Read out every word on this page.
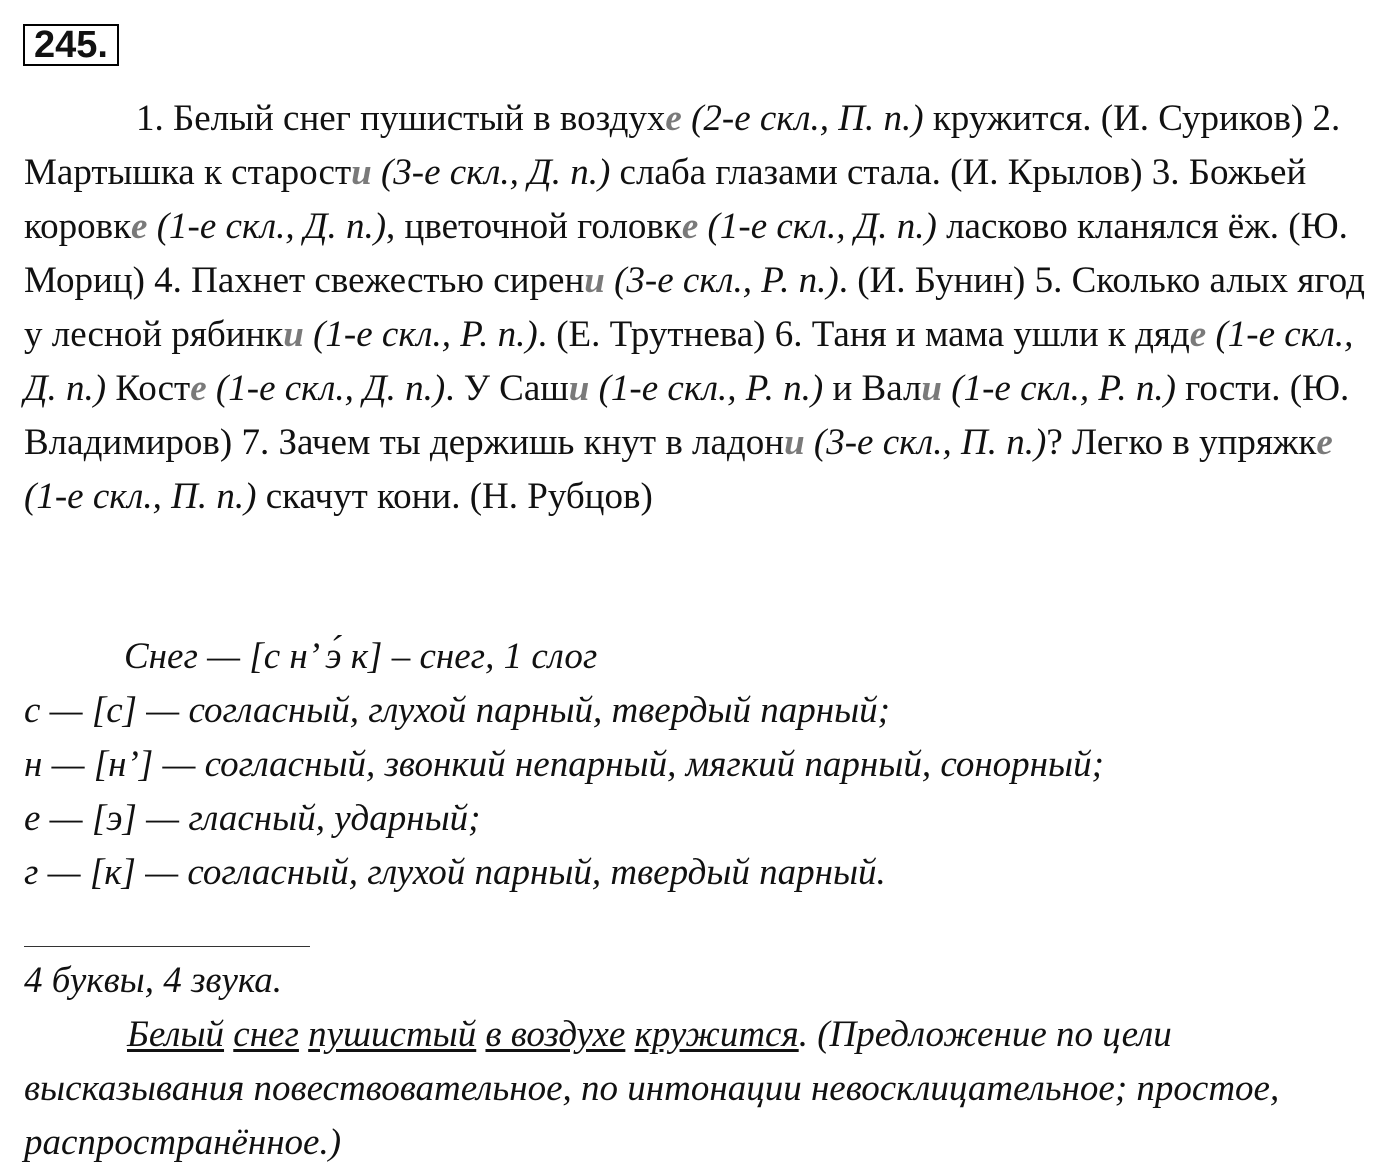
245.
1. Белый снег пушистый в воздухе (2-е скл., П. п.) кружится. (И. Суриков) 2. Мартышка к старости (3-е скл., Д. п.) слаба глазами стала. (И. Крылов) 3. Божьей коровке (1-е скл., Д. п.), цветочной головке (1-е скл., Д. п.) ласково кланялся ёж. (Ю. Мориц) 4. Пахнет свежестью сирени (3-е скл., Р. п.). (И. Бунин) 5. Сколько алых ягод у лесной рябинки (1-е скл., Р. п.). (Е. Трутнева) 6. Таня и мама ушли к дяде (1-е скл., Д. п.) Косте (1-е скл., Д. п.). У Саши (1-е скл., Р. п.) и Вали (1-е скл., Р. п.) гости. (Ю. Владимиров) 7. Зачем ты держишь кнут в ладони (3-е скл., П. п.)? Легко в упряжке (1-е скл., П. п.) скачут кони. (Н. Рубцов)
Снег — [с н’ э́ к] – снег, 1 слог
с — [с] — согласный, глухой парный, твердый парный;
н — [н’] — согласный, звонкий непарный, мягкий парный, сонорный;
е — [э] — гласный, ударный;
г — [к] — согласный, глухой парный, твердый парный.
4 буквы, 4 звука.
Белый снег пушистый в воздухе кружится. (Предложение по цели высказывания повествовательное, по интонации невосклицательное; простое, распространённое.)
